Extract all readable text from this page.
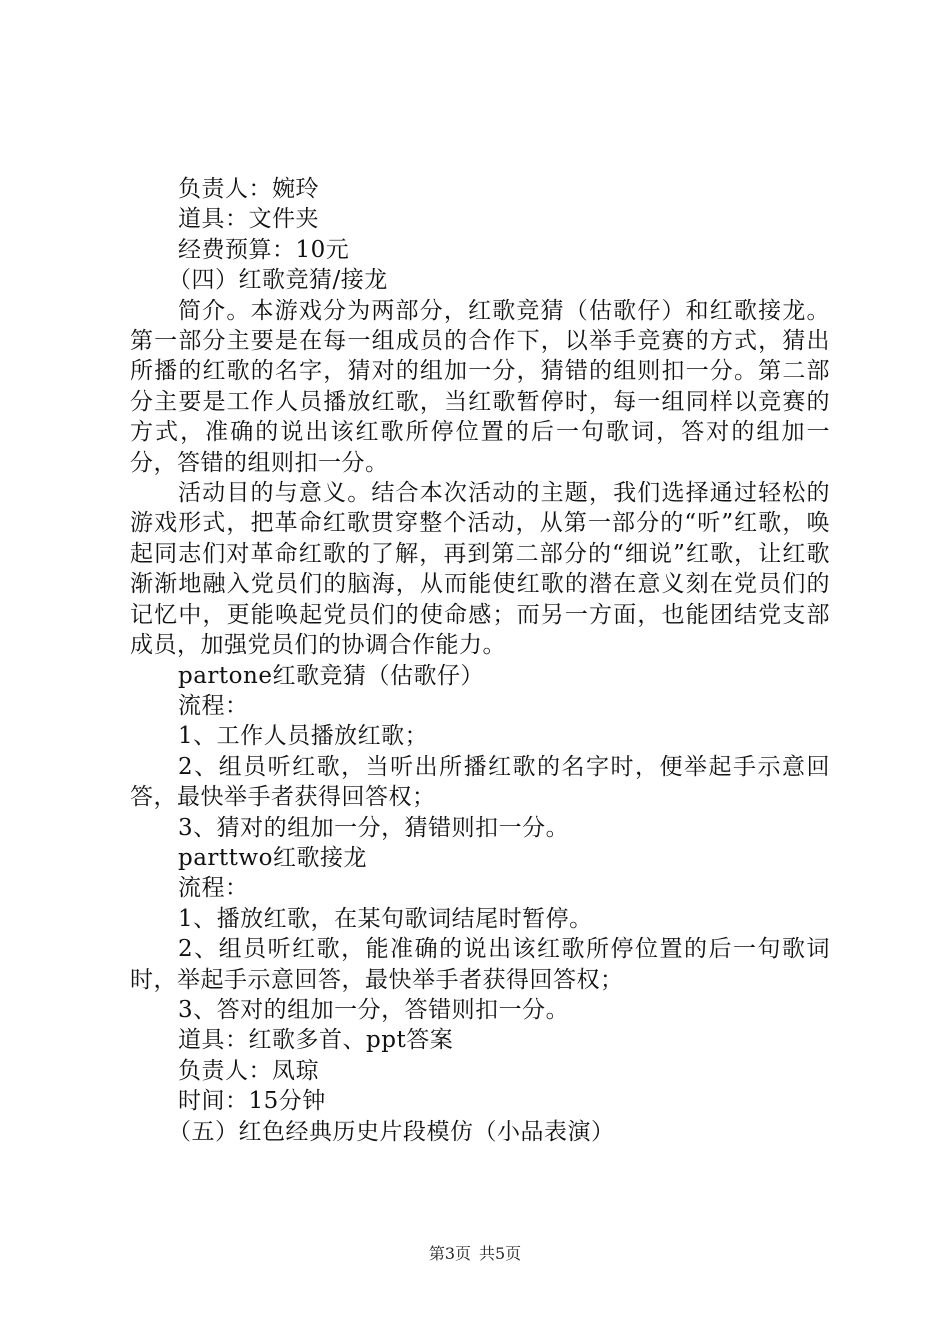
负责人：婉玲

道具：文件夹

经费预算：10元

（四）红歌竞猜/接龙

简介。本游戏分为两部分，红歌竞猜（估歌仔）和红歌接龙。第一部分主要是在每一组成员的合作下，以举手竞赛的方式，猜出所播的红歌的名字，猜对的组加一分，猜错的组则扣一分。第二部分主要是工作人员播放红歌，当红歌暂停时，每一组同样以竞赛的方式，准确的说出该红歌所停位置的后一句歌词，答对的组加一分，答错的组则扣一分。

活动目的与意义。结合本次活动的主题，我们选择通过轻松的游戏形式，把革命红歌贯穿整个活动，从第一部分的“听”红歌，唤起同志们对革命红歌的了解，再到第二部分的“细说”红歌，让红歌渐渐地融入党员们的脑海，从而能使红歌的潜在意义刻在党员们的记忆中，更能唤起党员们的使命感；而另一方面，也能团结党支部成员，加强党员们的协调合作能力。

partone红歌竞猜（估歌仔）

流程：

1、工作人员播放红歌；

2、组员听红歌，当听出所播红歌的名字时，便举起手示意回答，最快举手者获得回答权；

3、猜对的组加一分，猜错则扣一分。

parttwo红歌接龙

流程：

1、播放红歌，在某句歌词结尾时暂停。

2、组员听红歌，能准确的说出该红歌所停位置的后一句歌词时，举起手示意回答，最快举手者获得回答权；

3、答对的组加一分，答错则扣一分。

道具：红歌多首、ppt答案

负责人：凤琼

时间：15分钟

（五）红色经典历史片段模仿（小品表演）

第3页 共5页
